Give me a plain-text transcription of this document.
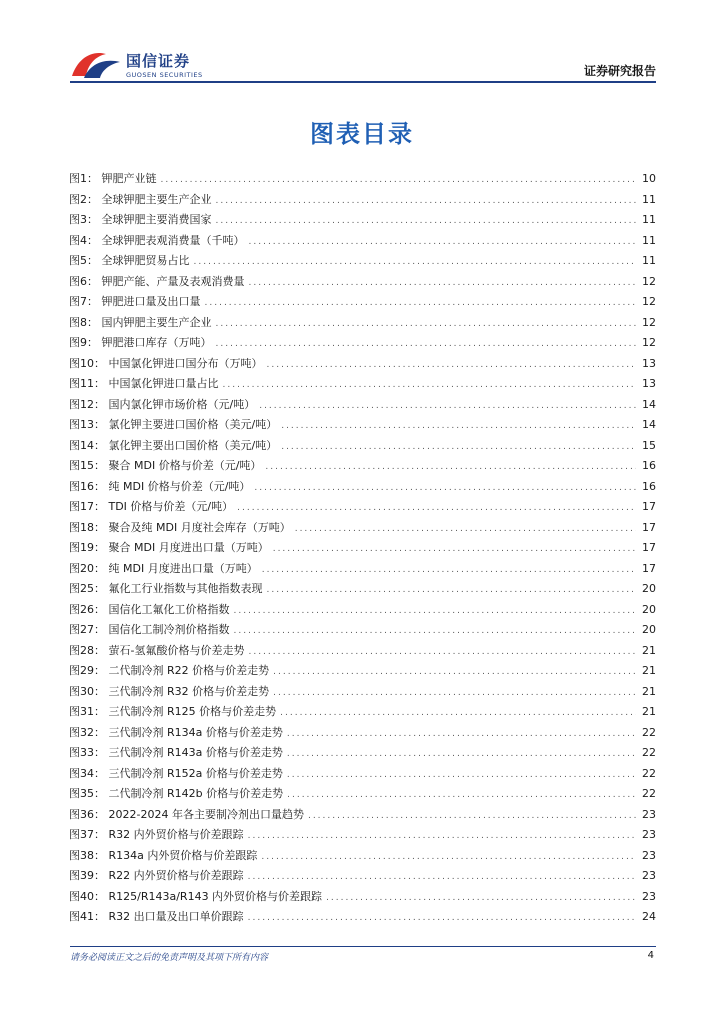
国信证券
GUOSEN SECURITIES	证券研究报告
图表目录
图1： 钾肥产业链 .....	10
图2： 全球钾肥主要生产企业 .....	11
图3： 全球钾肥主要消费国家 .....	11
图4： 全球钾肥表观消费量（千吨） .....	11
图5： 全球钾肥贸易占比 .....	11
图6： 钾肥产能、产量及表观消费量 .....	12
图7： 钾肥进口量及出口量 .....	12
图8： 国内钾肥主要生产企业 .....	12
图9： 钾肥港口库存（万吨） .....	12
图10： 中国氯化钾进口国分布（万吨） .....	13
图11： 中国氯化钾进口量占比 .....	13
图12： 国内氯化钾市场价格（元/吨） .....	14
图13： 氯化钾主要进口国价格（美元/吨） .....	14
图14： 氯化钾主要出口国价格（美元/吨） .....	15
图15： 聚合 MDI 价格与价差（元/吨） .....	16
图16： 纯 MDI 价格与价差（元/吨） .....	16
图17： TDI 价格与价差（元/吨） .....	17
图18： 聚合及纯 MDI 月度社会库存（万吨） .....	17
图19： 聚合 MDI 月度进出口量（万吨） .....	17
图20： 纯 MDI 月度进出口量（万吨） .....	17
图25： 氟化工行业指数与其他指数表现 .....	20
图26： 国信化工氟化工价格指数 .....	20
图27： 国信化工制冷剂价格指数 .....	20
图28： 萤石-氢氟酸价格与价差走势 .....	21
图29： 二代制冷剂 R22 价格与价差走势 .....	21
图30： 三代制冷剂 R32 价格与价差走势 .....	21
图31： 三代制冷剂 R125 价格与价差走势 .....	21
图32： 三代制冷剂 R134a 价格与价差走势 .....	22
图33： 三代制冷剂 R143a 价格与价差走势 .....	22
图34： 三代制冷剂 R152a 价格与价差走势 .....	22
图35： 二代制冷剂 R142b 价格与价差走势 .....	22
图36： 2022-2024 年各主要制冷剂出口量趋势 .....	23
图37： R32 内外贸价格与价差跟踪 .....	23
图38： R134a 内外贸价格与价差跟踪 .....	23
图39： R22 内外贸价格与价差跟踪 .....	23
图40： R125/R143a/R143 内外贸价格与价差跟踪 .....	23
图41： R32 出口量及出口单价跟踪 .....	24
请务必阅读正文之后的免责声明及其项下所有内容	4
